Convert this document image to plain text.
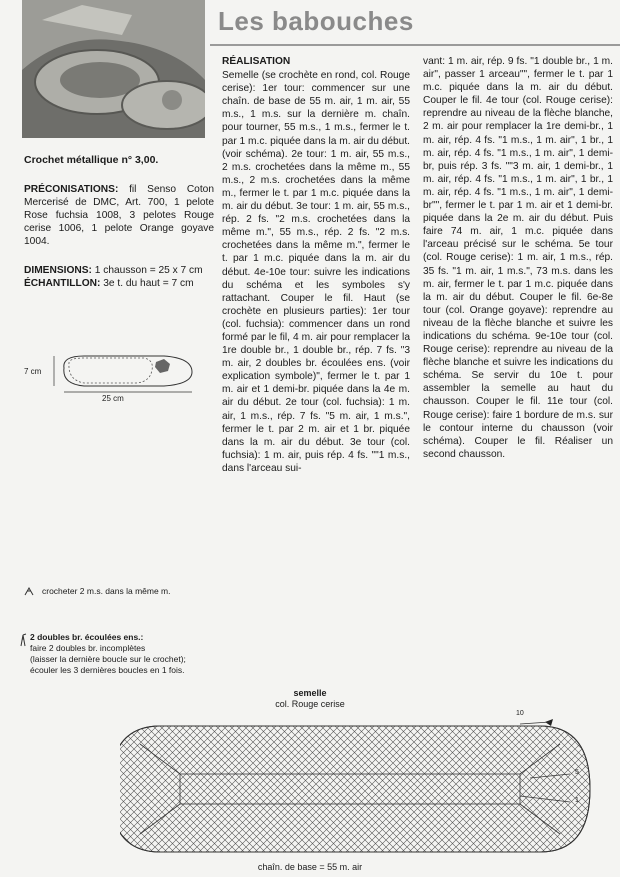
Les babouches
Crochet métallique n° 3,00.
PRÉCONISATIONS: fil Senso Coton Mercerisé de DMC, Art. 700, 1 pelote Rose fuchsia 1008, 3 pelotes Rouge cerise 1006, 1 pelote Orange goyave 1004.
DIMENSIONS: 1 chausson = 25 x 7 cm
ÉCHANTILLON: 3e t. du haut = 7 cm
25 cm
7 cm
RÉALISATION
Semelle (se crochète en rond, col. Rouge cerise): 1er tour: commencer sur une chaîn. de base de 55 m. air, 1 m. air, 55 m.s., 1 m.s. sur la dernière m. chaîn. pour tourner, 55 m.s., 1 m.s., fermer le t. par 1 m.c. piquée dans la m. air du début. (voir schéma). 2e tour: 1 m. air, 55 m.s., 2 m.s. crochetées dans la même m., 55 m.s., 2 m.s. crochetées dans la même m., fermer le t. par 1 m.c. piquée dans la m. air du début. 3e tour: 1 m. air, 55 m.s., rép. 2 fs. "2 m.s. crochetées dans la même m.", 55 m.s., rép. 2 fs. "2 m.s. crochetées dans la même m.", fermer le t. par 1 m.c. piquée dans la m. air du début. 4e-10e tour: suivre les indications du schéma et les symboles s'y rattachant. Couper le fil. Haut (se crochète en plusieurs parties): 1er tour (col. fuchsia): commencer dans un rond formé par le fil, 4 m. air pour remplacer la 1re double br., 1 double br., rép. 7 fs. "3 m. air, 2 doubles br. écoulées ens. (voir explication symbole)", fermer le t. par 1 m. air et 1 demi-br. piquée dans la 4e m. air du début. 2e tour (col. fuchsia): 1 m. air, 1 m.s., rép. 7 fs. "5 m. air, 1 m.s.", fermer le t. par 2 m. air et 1 br. piquée dans la m. air du début. 3e tour (col. fuchsia): 1 m. air, puis rép. 4 fs. ""1 m.s., dans l'arceau sui-
vant: 1 m. air, rép. 9 fs. "1 double br., 1 m. air", passer 1 arceau"", fermer le t. par 1 m.c. piquée dans la m. air du début. Couper le fil. 4e tour (col. Rouge cerise): reprendre au niveau de la flèche blanche, 2 m. air pour remplacer la 1re demi-br., 1 m. air, rép. 4 fs. "1 m.s., 1 m. air", 1 br., 1 m. air, rép. 4 fs. "1 m.s., 1 m. air", 1 demi-br, puis rép. 3 fs. ""3 m. air, 1 demi-br., 1 m. air, rép. 4 fs. "1 m.s., 1 m. air", 1 br., 1 m. air, rép. 4 fs. "1 m.s., 1 m. air", 1 demi-br"", fermer le t. par 1 m. air et 1 demi-br. piquée dans la 2e m. air du début. Puis faire 74 m. air, 1 m.c. piquée dans l'arceau précisé sur le schéma. 5e tour (col. Rouge cerise): 1 m. air, 1 m.s., rép. 35 fs. "1 m. air, 1 m.s.", 73 m.s. dans les m. air, fermer le t. par 1 m.c. piquée dans la m. air du début. Couper le fil. 6e-8e tour (col. Orange goyave): reprendre au niveau de la flèche blanche et suivre les indications du schéma. 9e-10e tour (col. Rouge cerise): reprendre au niveau de la flèche blanche et suivre les indications du schéma. Se servir du 10e t. pour assembler la semelle au haut du chausson. Couper le fil. 11e tour (col. Rouge cerise): faire 1 bordure de m.s. sur le contour interne du chausson (voir schéma). Couper le fil. Réaliser un second chausson.
crocheter 2 m.s. dans la même m.
2 doubles br. écoulées ens.:
faire 2 doubles br. incomplètes
(laisser la dernière boucle sur le crochet);
écouler les 3 dernières boucles en 1 fois.
semelle
col. Rouge cerise
10
5
1
chaîn. de base = 55 m. air
